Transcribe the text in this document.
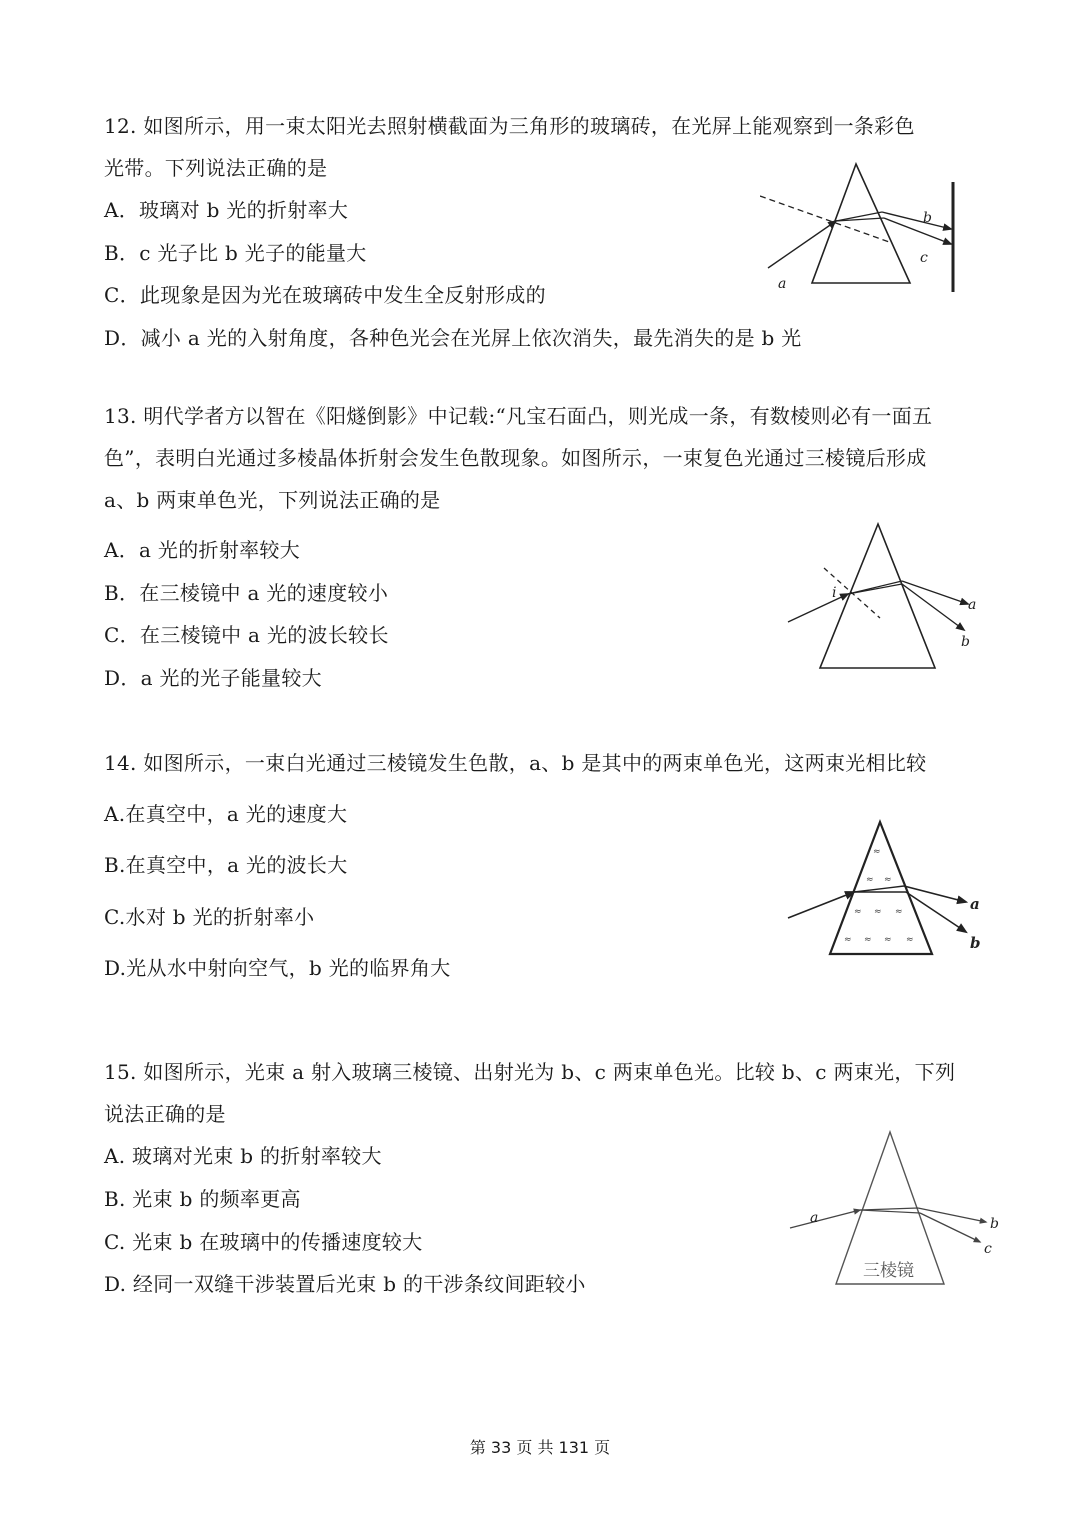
12. 如图所示，用一束太阳光去照射横截面为三角形的玻璃砖，在光屏上能观察到一条彩色
光带。下列说法正确的是
A．玻璃对 b 光的折射率大
B．c 光子比 b 光子的能量大
C．此现象是因为光在玻璃砖中发生全反射形成的
D．减小 a 光的入射角度，各种色光会在光屏上依次消失，最先消失的是 b 光
a
b
c
13. 明代学者方以智在《阳燧倒影》中记载:“凡宝石面凸，则光成一条，有数棱则必有一面五
色”，表明白光通过多棱晶体折射会发生色散现象。如图所示，一束复色光通过三棱镜后形成
a、b 两束单色光，下列说法正确的是
A．a 光的折射率较大
B．在三棱镜中 a 光的速度较小
C．在三棱镜中 a 光的波长较长
D．a 光的光子能量较大
i
a
b
14. 如图所示，一束白光通过三棱镜发生色散，a、b 是其中的两束单色光，这两束光相比较
A.在真空中，a 光的速度大
B.在真空中，a 光的波长大
C.水对 b 光的折射率小
D.光从水中射向空气，b 光的临界角大
≈
≈ ≈
≈ ≈ ≈
≈ ≈ ≈ ≈
a
b
15. 如图所示，光束 a 射入玻璃三棱镜、出射光为 b、c 两束单色光。比较 b、c 两束光，下列
说法正确的是
A. 玻璃对光束 b 的折射率较大
B. 光束 b 的频率更高
C. 光束 b 在玻璃中的传播速度较大
D. 经同一双缝干涉装置后光束 b 的干涉条纹间距较小
a	b
c
三棱镜
第 33 页 共 131 页
